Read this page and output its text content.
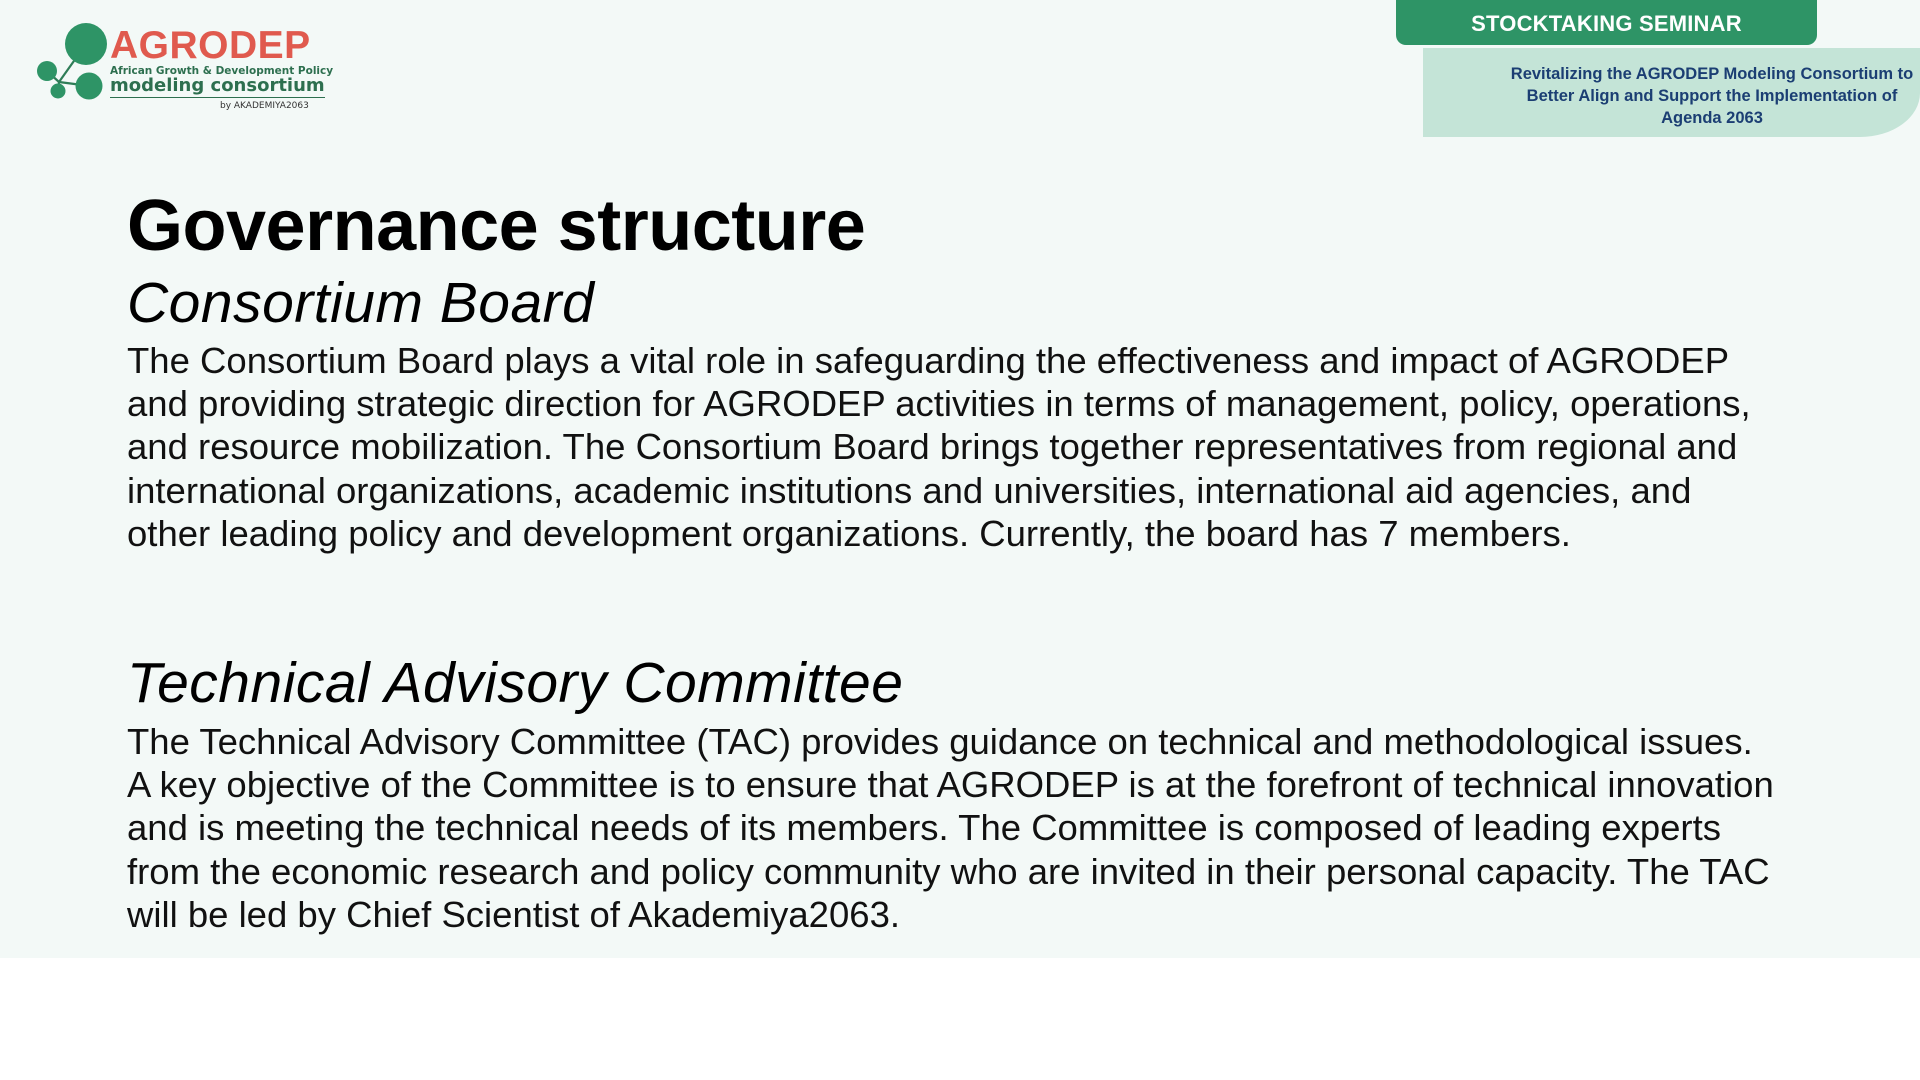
AGRODEP
African Growth & Development Policy
modeling consortium
by AKADEMIYA2063
STOCKTAKING SEMINAR
Revitalizing the AGRODEP Modeling Consortium to Better Align and Support the Implementation of Agenda 2063
Governance structure
Consortium Board

The Consortium Board plays a vital role in safeguarding the effectiveness and impact of AGRODEP and providing strategic direction for AGRODEP activities in terms of management, policy, operations, and resource mobilization. The Consortium Board brings together representatives from regional and international organizations, academic institutions and universities, international aid agencies, and other leading policy and development organizations. Currently, the board has 7 members.

Technical Advisory Committee

The Technical Advisory Committee (TAC) provides guidance on technical and methodological issues. A key objective of the Committee is to ensure that AGRODEP is at the forefront of technical innovation and is meeting the technical needs of its members. The Committee is composed of leading experts from the economic research and policy community who are invited in their personal capacity. The TAC will be led by Chief Scientist of Akademiya2063.
